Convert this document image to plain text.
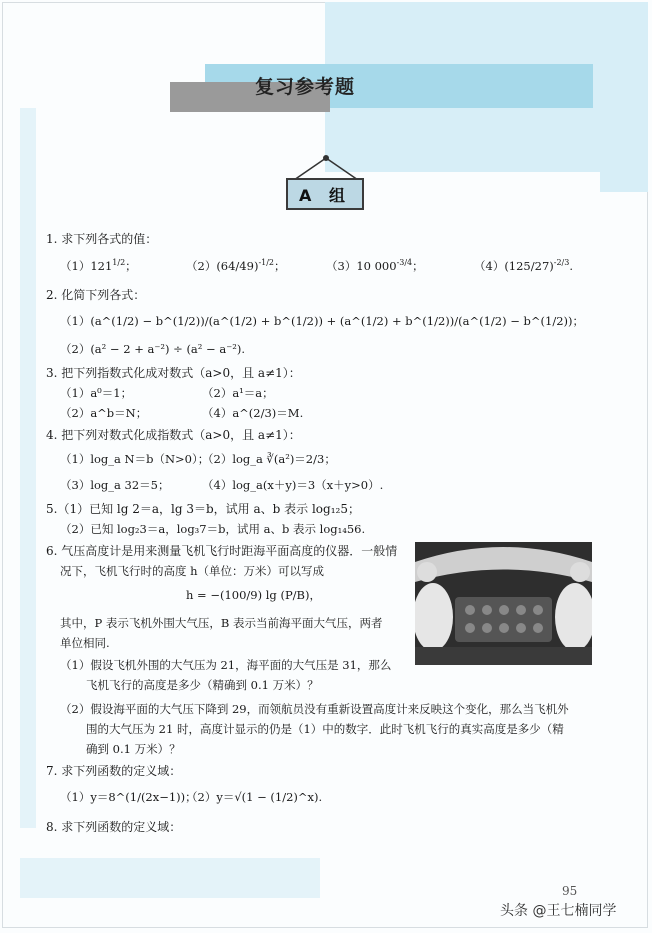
复习参考题
A 组
1. 求下列各式的值：
$(1)121^{1/2}$；	$(2)(64/49)^{-1/2}$；	（3）10 $000^{-3/4}$；	$(4)(125/27)^{-2/3}$.
2. 化简下列各式：
（1）(a^(1/2) − b^(1/2))/(a^(1/2) + b^(1/2)) + (a^(1/2) + b^(1/2))/(a^(1/2) − b^(1/2))；
（2）(a² − 2 + a⁻²) ÷ (a² − a⁻²).
3. 把下列指数式化成对数式（a>0，且 a≠1）：
（1）a⁰＝1；	（2）a¹＝a；
（2）a^b＝N；	（4）a^(2/3)＝M.
4. 把下列对数式化成指数式（a>0，且 a≠1）：
（1）log_a N＝b（N>0）；
（2）log_a ∛(a²)＝2/3；
（3）log_a 32＝5；	（4）log_a(x＋y)＝3（x＋y>0）.
5.（1）已知 lg 2＝a，lg 3＝b，试用 a、b 表示 log₁₂5；
（2）已知 log₂3＝a，log₃7＝b，试用 a、b 表示 log₁₄56.
6. 气压高度计是用来测量飞机飞行时距海平面高度的仪器．一般情
况下，飞机飞行时的高度 h（单位：万米）可以写成
h = −(100/9) lg (P/B)，
其中，P 表示飞机外围大气压，B 表示当前海平面大气压，两者
单位相同.
（1）假设飞机外围的大气压为 21，海平面的大气压是 31，那么
飞机飞行的高度是多少（精确到 0.1 万米）？
（2）假设海平面的大气压下降到 29，而领航员没有重新设置高度计来反映这个变化，那么当飞机外
围的大气压为 21 时，高度计显示的仍是（1）中的数字．此时飞机飞行的真实高度是多少（精
确到 0.1 万米）？
7. 求下列函数的定义域：
（1）y＝8^(1/(2x−1))；
（2）y＝√(1 − (1/2)^x).
8. 求下列函数的定义域：
95
头条 @王七楠同学
